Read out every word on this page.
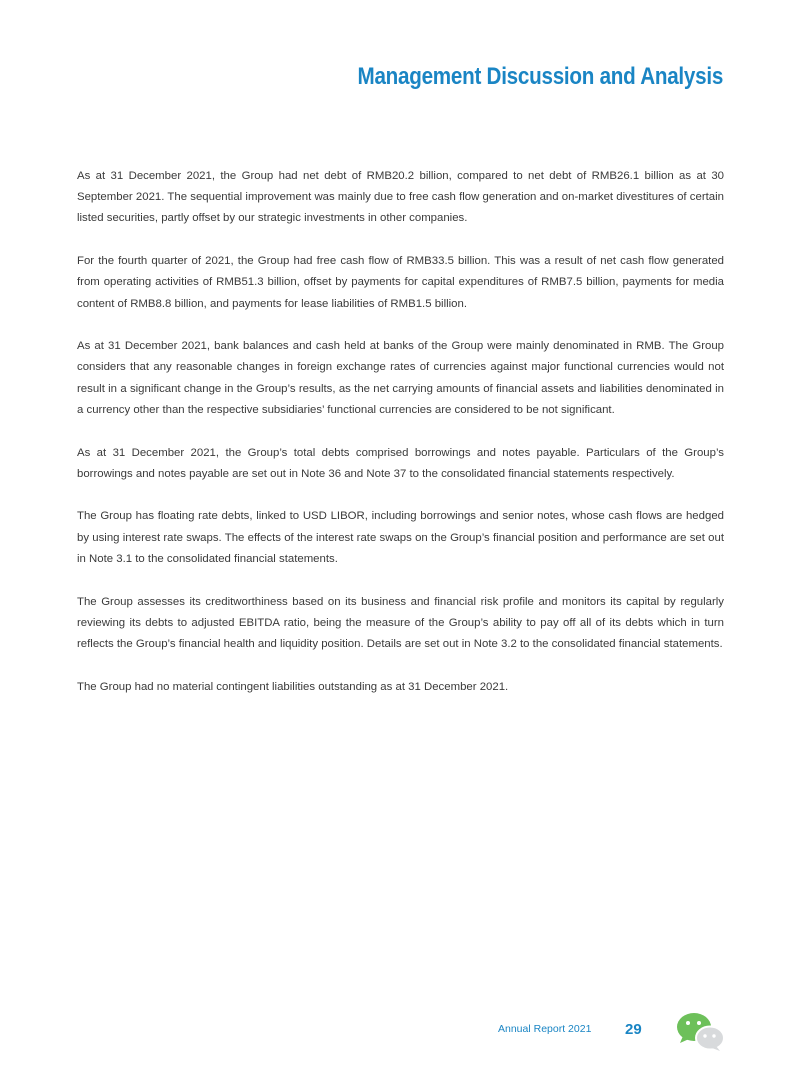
Management Discussion and Analysis

As at 31 December 2021, the Group had net debt of RMB20.2 billion, compared to net debt of RMB26.1 billion as at 30 September 2021. The sequential improvement was mainly due to free cash flow generation and on-market divestitures of certain listed securities, partly offset by our strategic investments in other companies.

For the fourth quarter of 2021, the Group had free cash flow of RMB33.5 billion. This was a result of net cash flow generated from operating activities of RMB51.3 billion, offset by payments for capital expenditures of RMB7.5 billion, payments for media content of RMB8.8 billion, and payments for lease liabilities of RMB1.5 billion.

As at 31 December 2021, bank balances and cash held at banks of the Group were mainly denominated in RMB. The Group considers that any reasonable changes in foreign exchange rates of currencies against major functional currencies would not result in a significant change in the Group’s results, as the net carrying amounts of financial assets and liabilities denominated in a currency other than the respective subsidiaries’ functional currencies are considered to be not significant.

As at 31 December 2021, the Group’s total debts comprised borrowings and notes payable. Particulars of the Group’s borrowings and notes payable are set out in Note 36 and Note 37 to the consolidated financial statements respectively.

The Group has floating rate debts, linked to USD LIBOR, including borrowings and senior notes, whose cash flows are hedged by using interest rate swaps. The effects of the interest rate swaps on the Group’s financial position and performance are set out in Note 3.1 to the consolidated financial statements.

The Group assesses its creditworthiness based on its business and financial risk profile and monitors its capital by regularly reviewing its debts to adjusted EBITDA ratio, being the measure of the Group’s ability to pay off all of its debts which in turn reflects the Group’s financial health and liquidity position. Details are set out in Note 3.2 to the consolidated financial statements.

The Group had no material contingent liabilities outstanding as at 31 December 2021.

Annual Report 2021 29
